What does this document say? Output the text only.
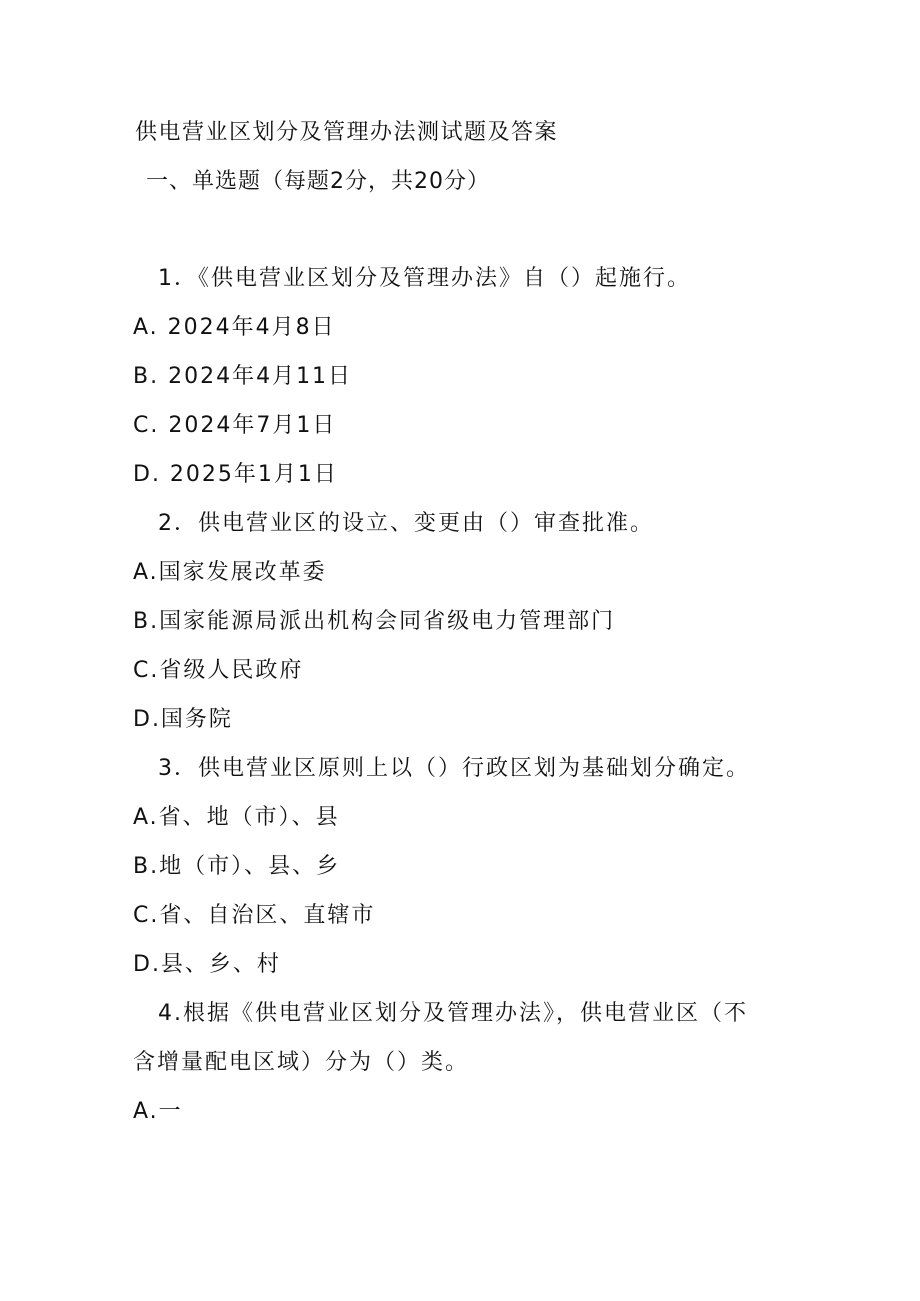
供电营业区划分及管理办法测试题及答案
一、单选题（每题2分，共20分）
1．《供电营业区划分及管理办法》自（）起施行。
A. 2024年4月8日
B. 2024年4月11日
C. 2024年7月1日
D. 2025年1月1日
2．供电营业区的设立、变更由（）审查批准。
A.国家发展改革委
B.国家能源局派出机构会同省级电力管理部门
C.省级人民政府
D.国务院
3．供电营业区原则上以（）行政区划为基础划分确定。
A.省、地（市）、县
B.地（市）、县、乡
C.省、自治区、直辖市
D.县、乡、村
4.根据《供电营业区划分及管理办法》，供电营业区（不
含增量配电区域）分为（）类。
A.一
